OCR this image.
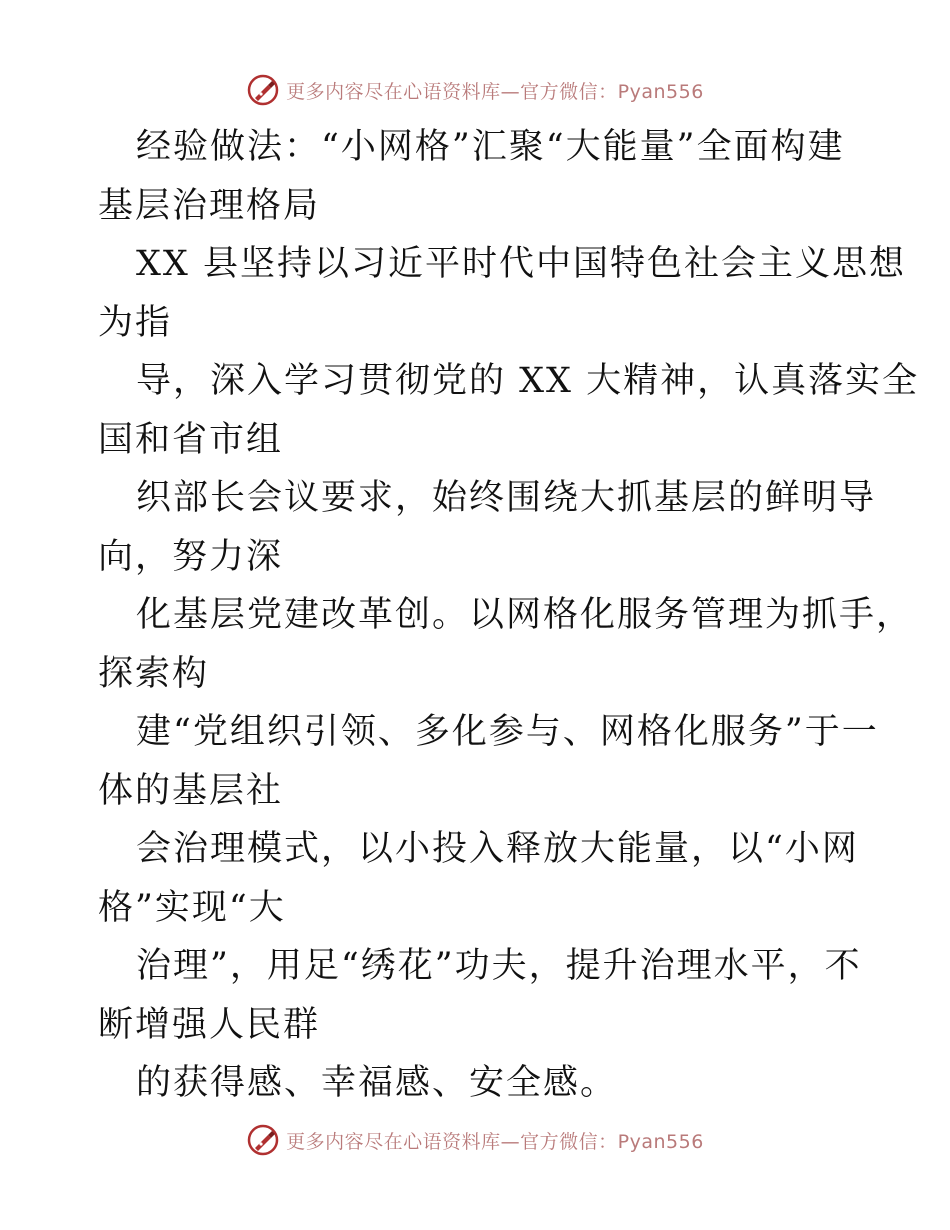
更多内容尽在心语资料库—官方微信：Pyan556
经验做法：“小网格”汇聚“大能量”全面构建
基层治理格局
XX 县坚持以习近平时代中国特色社会主义思想
为指
导，深入学习贯彻党的 XX 大精神，认真落实全
国和省市组
织部长会议要求，始终围绕大抓基层的鲜明导
向，努力深
化基层党建改革创。以网格化服务管理为抓手，
探索构
建“党组织引领、多化参与、网格化服务”于一
体的基层社
会治理模式，以小投入释放大能量，以“小网
格”实现“大
治理”，用足“绣花”功夫，提升治理水平，不
断增强人民群
的获得感、幸福感、安全感。
更多内容尽在心语资料库—官方微信：Pyan556
